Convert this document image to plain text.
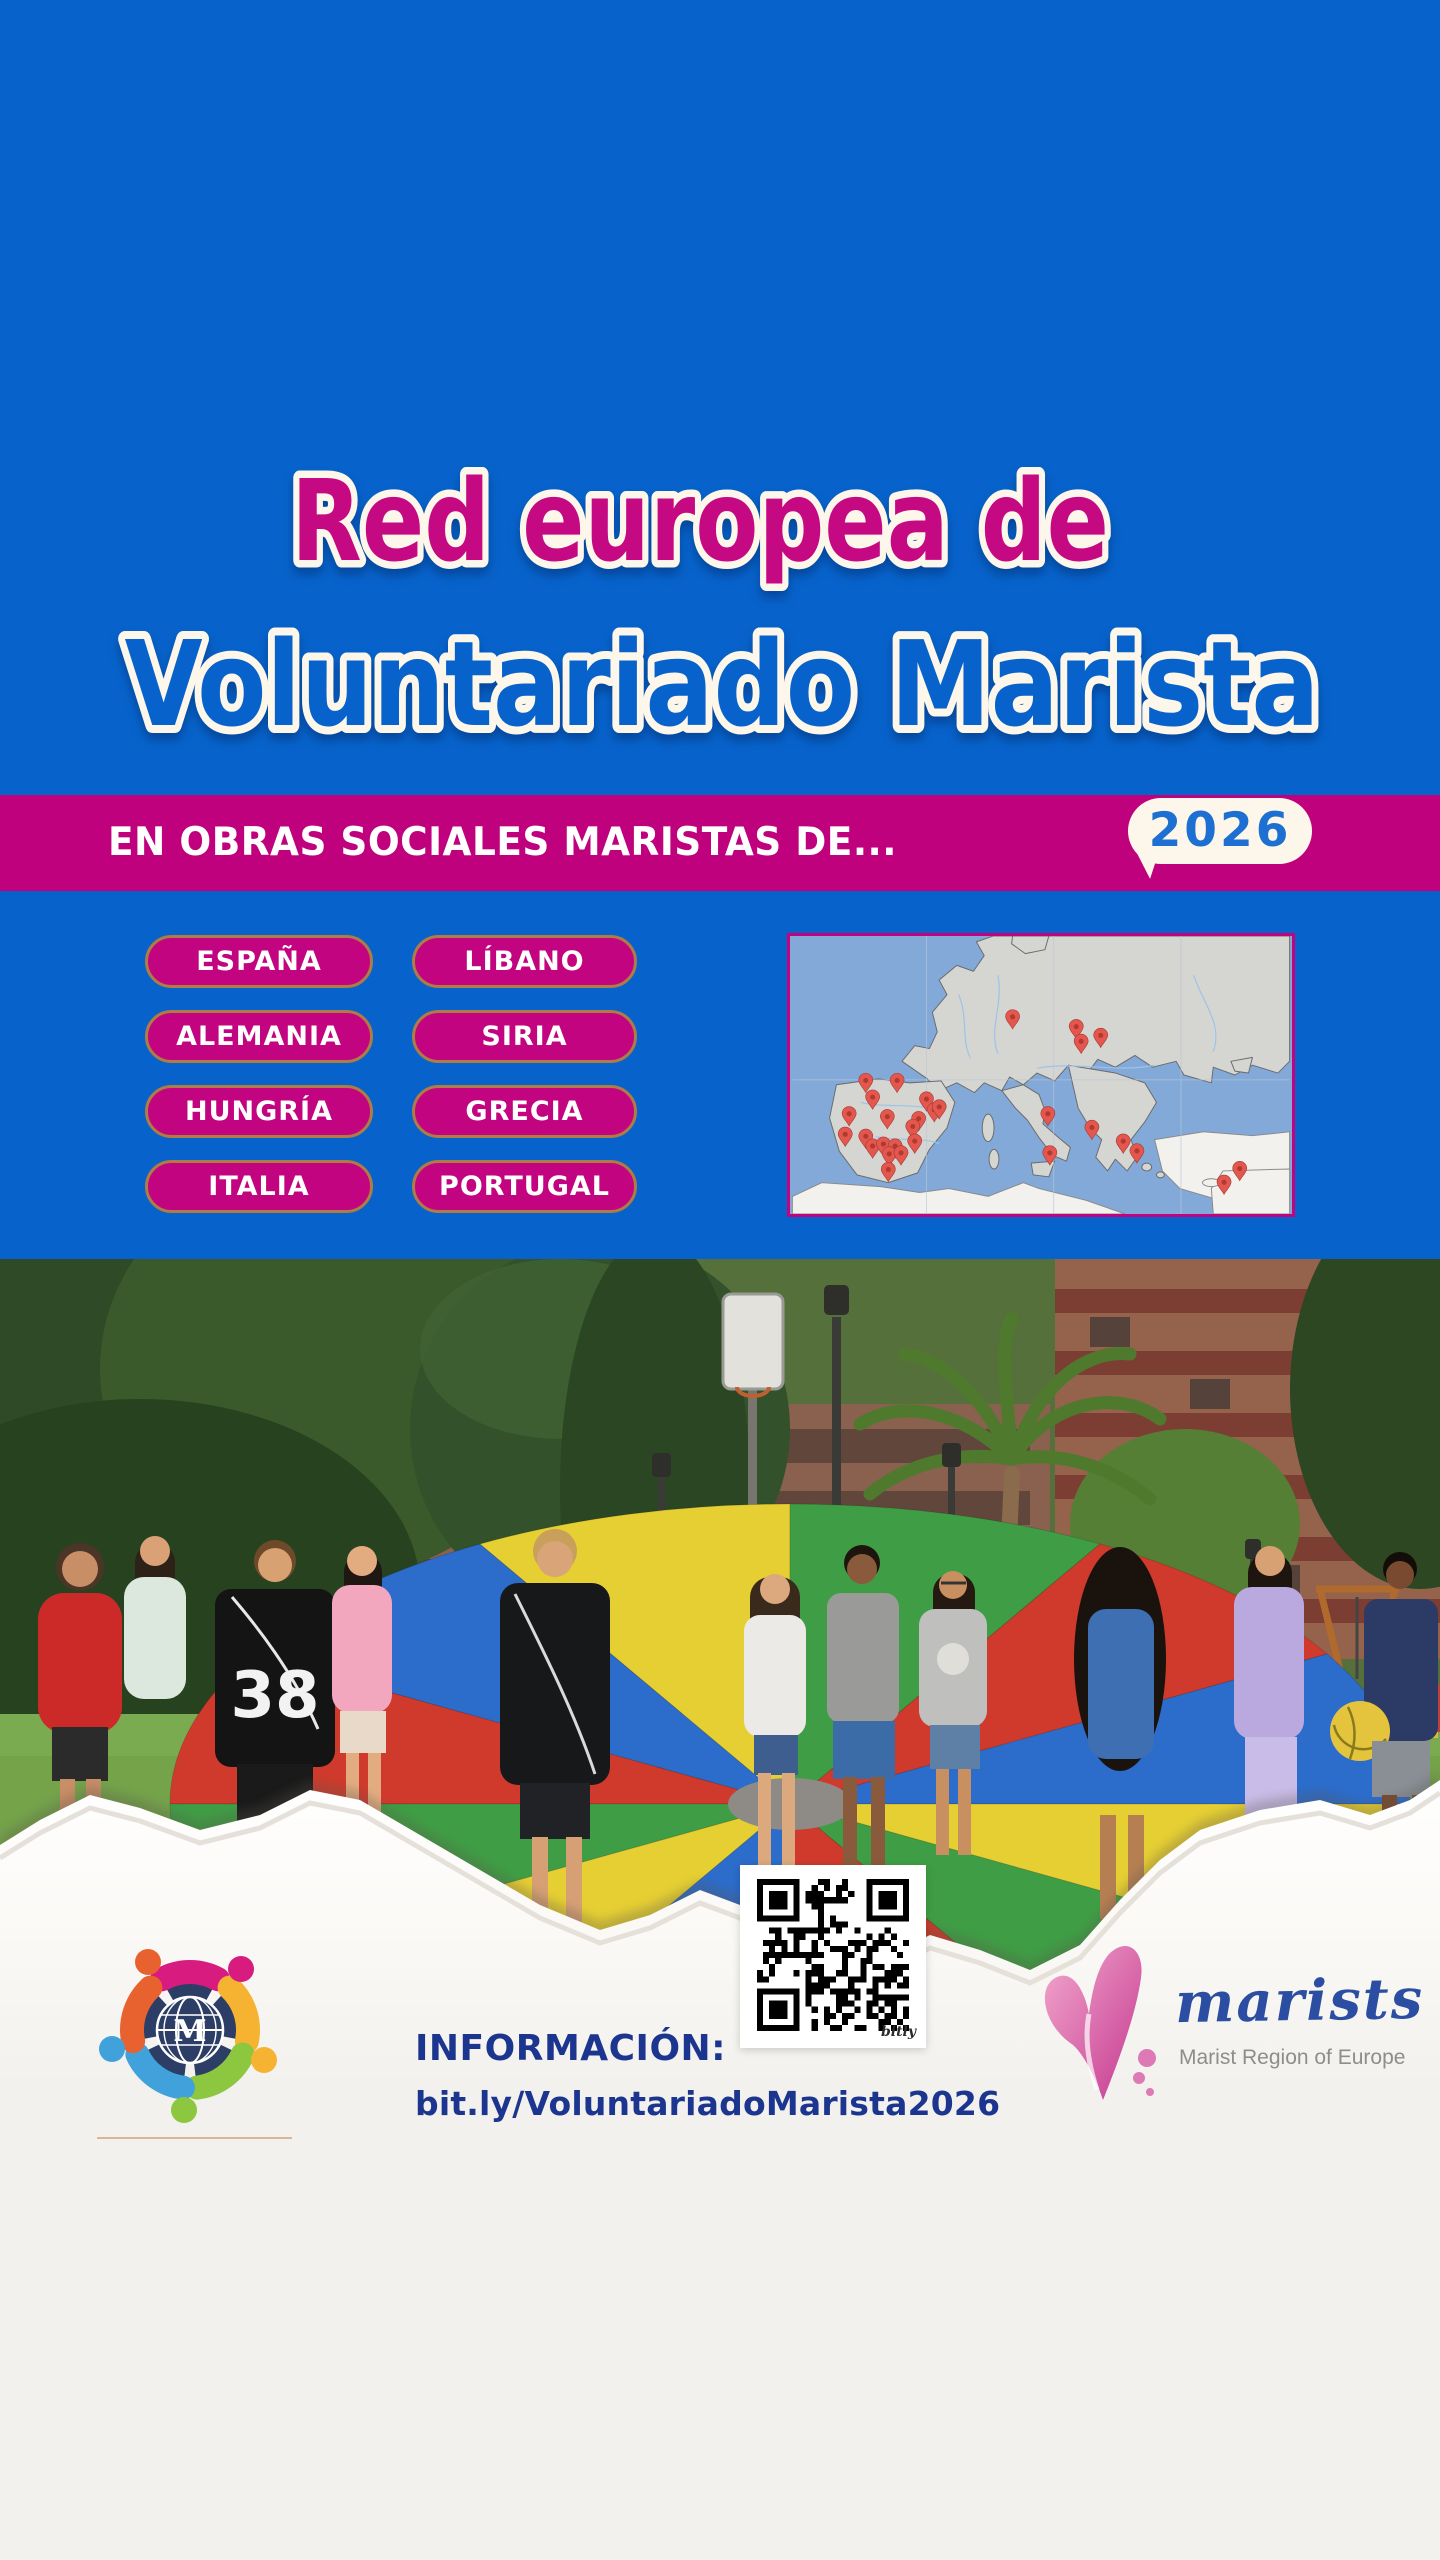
Red europea de
Voluntariado Marista
EN OBRAS SOCIALES MARISTAS DE...	2026
ESPAÑA	LÍBANO
ALEMANIA	SIRIA
HUNGRÍA	GRECIA
ITALIA	PORTUGAL
38
M	INFORMACIÓN:
bit.ly/VoluntariadoMarista2026
bitly	marists
Marist Region of Europe
